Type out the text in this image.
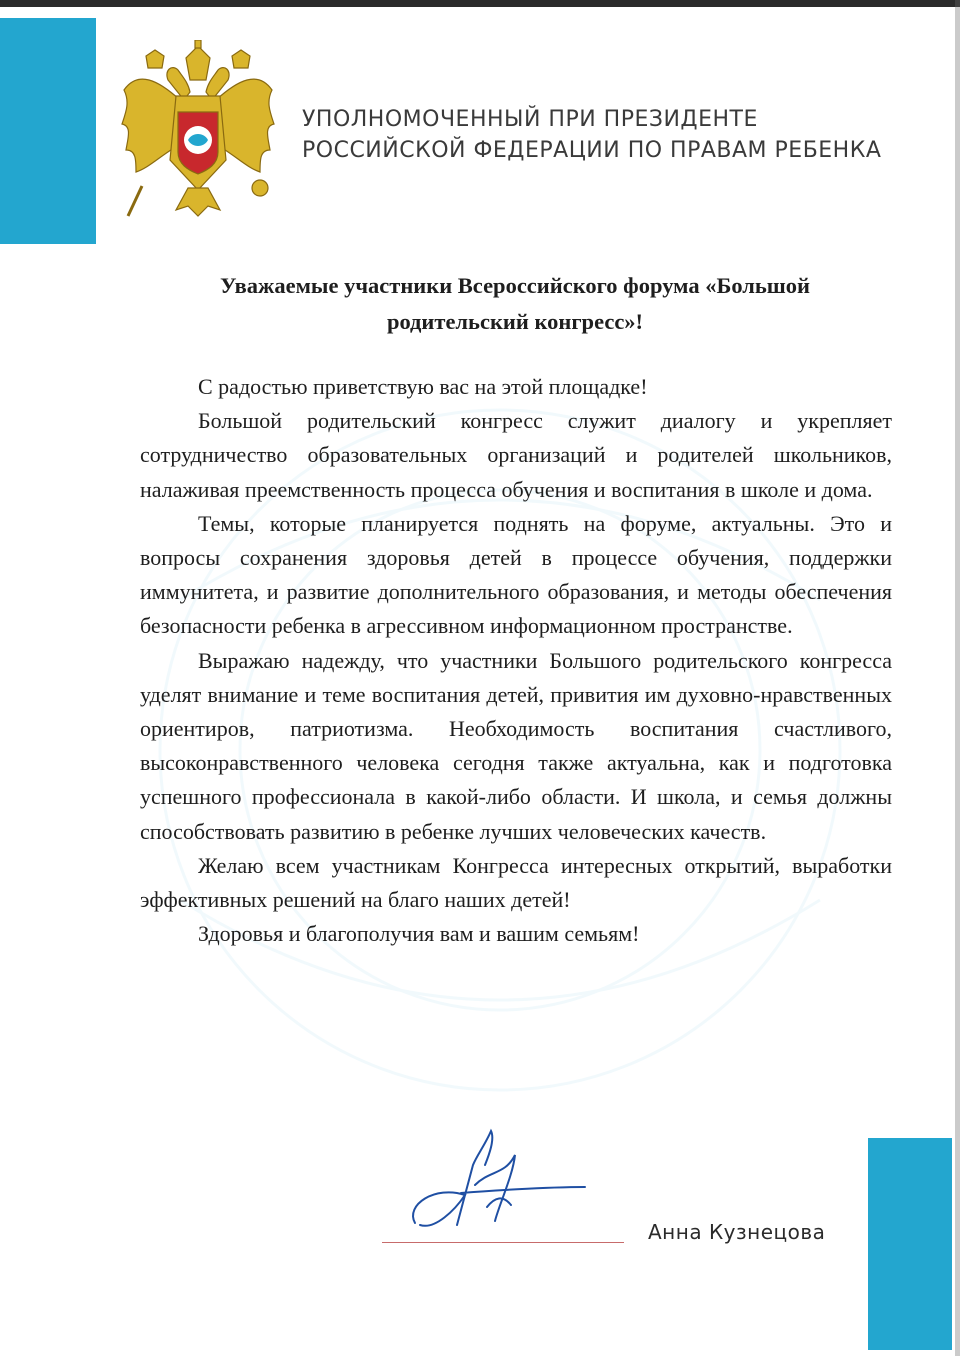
УПОЛНОМОЧЕННЫЙ ПРИ ПРЕЗИДЕНТЕ
РОССИЙСКОЙ ФЕДЕРАЦИИ ПО ПРАВАМ РЕБЕНКА
Уважаемые участники Всероссийского форума «Большой
родительский конгресс»!

С радостью приветствую вас на этой площадке!

Большой родительский конгресс служит диалогу и укрепляет сотрудничество образовательных организаций и родителей школьников, налаживая преемственность процесса обучения и воспитания в школе и дома.

Темы, которые планируется поднять на форуме, актуальны. Это и вопросы сохранения здоровья детей в процессе обучения, поддержки иммунитета, и развитие дополнительного образования, и методы обеспечения безопасности ребенка в агрессивном информационном пространстве.

Выражаю надежду, что участники Большого родительского конгресса уделят внимание и теме воспитания детей, привития им духовно-нравственных ориентиров, патриотизма. Необходимость воспитания счастливого, высоконравственного человека сегодня также актуальна, как и подготовка успешного профессионала в какой-либо области. И школа, и семья должны способствовать развитию в ребенке лучших человеческих качеств.

Желаю всем участникам Конгресса интересных открытий, выработки эффективных решений на благо наших детей!

Здоровья и благополучия вам и вашим семьям!

Анна Кузнецова
